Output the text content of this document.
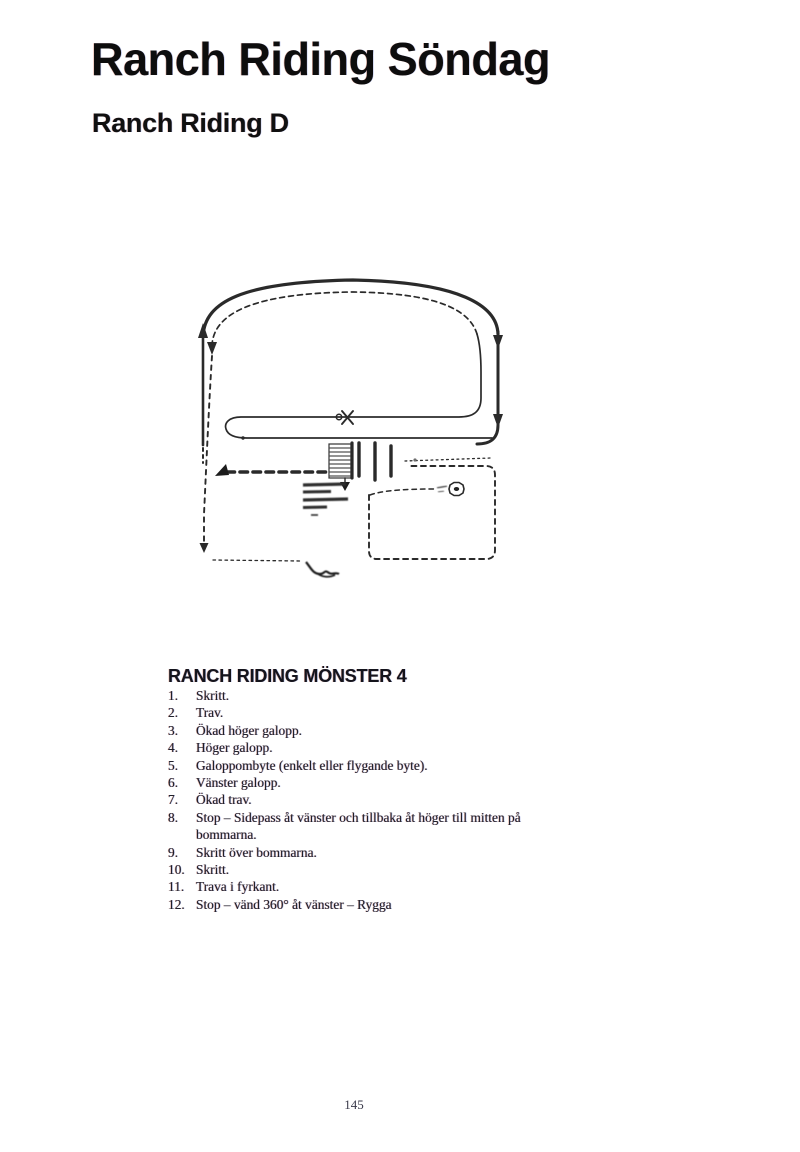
Ranch Riding Söndag
Ranch Riding D
RANCH RIDING MÖNSTER 4
1.	Skritt.
2.	Trav.
3.	Ökad höger galopp.
4.	Höger galopp.
5.	Galoppombyte (enkelt eller flygande byte).
6.	Vänster galopp.
7.	Ökad trav.
8.	Stop – Sidepass åt vänster och tillbaka åt höger till mitten på bommarna.
9.	Skritt över bommarna.
10. Skritt.
11. Trava i fyrkant.
12. Stop – vänd 360° åt vänster – Rygga
145
